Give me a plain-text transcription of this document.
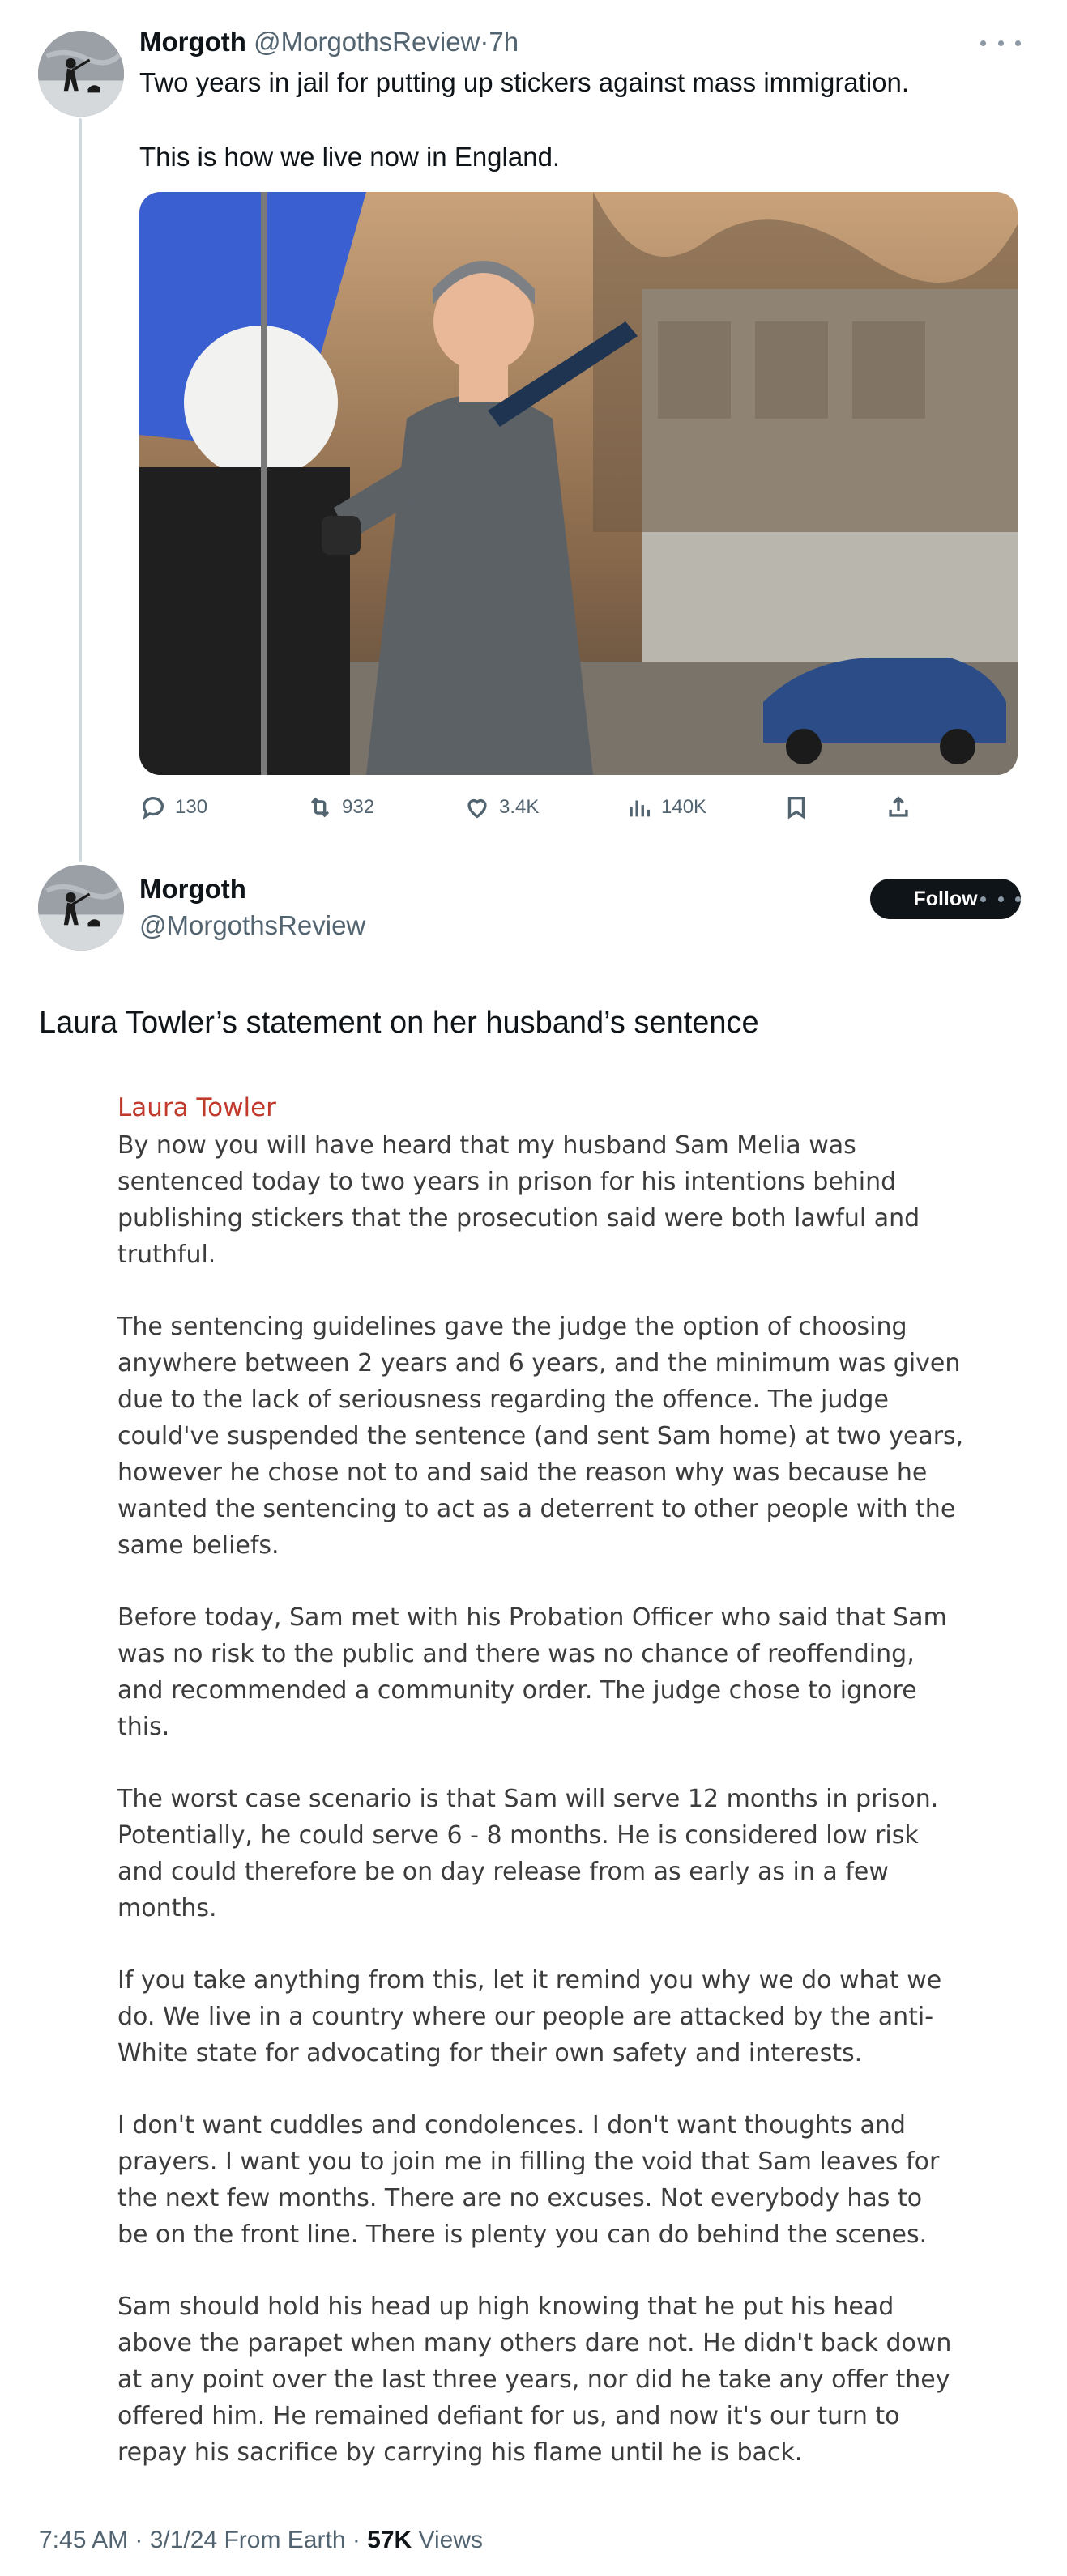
Morgoth @MorgothsReview·7h
Two years in jail for putting up stickers against mass immigration.
This is how we live now in England.
130	932	3.4K	140K
Morgoth
@MorgothsReview
Follow
Laura Towler’s statement on her husband’s sentence
Laura Towler

By now you will have heard that my husband Sam Melia was
sentenced today to two years in prison for his intentions behind
publishing stickers that the prosecution said were both lawful and
truthful.

The sentencing guidelines gave the judge the option of choosing
anywhere between 2 years and 6 years, and the minimum was given
due to the lack of seriousness regarding the offence. The judge
could've suspended the sentence (and sent Sam home) at two years,
however he chose not to and said the reason why was because he
wanted the sentencing to act as a deterrent to other people with the
same beliefs.

Before today, Sam met with his Probation Officer who said that Sam
was no risk to the public and there was no chance of reoffending,
and recommended a community order. The judge chose to ignore
this.

The worst case scenario is that Sam will serve 12 months in prison.
Potentially, he could serve 6 - 8 months. He is considered low risk
and could therefore be on day release from as early as in a few
months.

If you take anything from this, let it remind you why we do what we
do. We live in a country where our people are attacked by the anti-
White state for advocating for their own safety and interests.

I don't want cuddles and condolences. I don't want thoughts and
prayers. I want you to join me in filling the void that Sam leaves for
the next few months. There are no excuses. Not everybody has to
be on the front line. There is plenty you can do behind the scenes.

Sam should hold his head up high knowing that he put his head
above the parapet when many others dare not. He didn't back down
at any point over the last three years, nor did he take any offer they
offered him. He remained defiant for us, and now it's our turn to
repay his sacrifice by carrying his flame until he is back.

7:45 AM · 3/1/24 From Earth · 57K Views
